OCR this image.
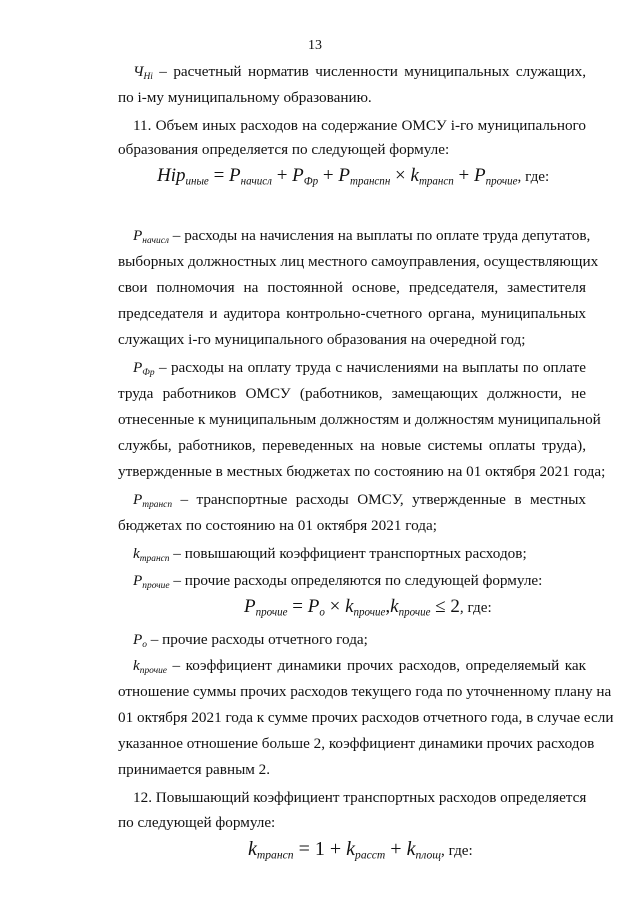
13
$Ч_{Hi}$ – расчетный норматив численности муниципальных служащих,
по i-му муниципальному образованию.
11. Объем иных расходов на содержание ОМСУ i-го муниципального
образования определяется по следующей формуле:
$Нір_{иные} = P_{начисл} + P_{Фр} + P_{транспн} \times k_{трансп} + P_{прочие}$, где:
$P_{начисл}$ – расходы на начисления на выплаты по оплате труда депутатов,
выборных должностных лиц местного самоуправления, осуществляющих
свои полномочия на постоянной основе, председателя, заместителя
председателя и аудитора контрольно-счетного органа, муниципальных
служащих i-го муниципального образования на очередной год;
$P_{Фр}$ – расходы на оплату труда с начислениями на выплаты по оплате
труда работников ОМСУ (работников, замещающих должности, не
отнесенные к муниципальным должностям и должностям муниципальной
службы, работников, переведенных на новые системы оплаты труда),
утвержденные в местных бюджетах по состоянию на 01 октября 2021 года;
$P_{трансп}$ – транспортные расходы ОМСУ, утвержденные в местных
бюджетах по состоянию на 01 октября 2021 года;
$k_{трансп}$ – повышающий коэффициент транспортных расходов;
$P_{прочие}$ – прочие расходы определяются по следующей формуле:
$P_{прочие} = P_о \times k_{прочие},k_{прочие} \le 2$, где:
$P_о$ – прочие расходы отчетного года;
$k_{прочие}$ – коэффициент динамики прочих расходов, определяемый как
отношение суммы прочих расходов текущего года по уточненному плану на
01 октября 2021 года к сумме прочих расходов отчетного года, в случае если
указанное отношение больше 2, коэффициент динамики прочих расходов
принимается равным 2.
12. Повышающий коэффициент транспортных расходов определяется
по следующей формуле:
$k_{трансп} = 1 + k_{расст} + k_{площ}$, где:
